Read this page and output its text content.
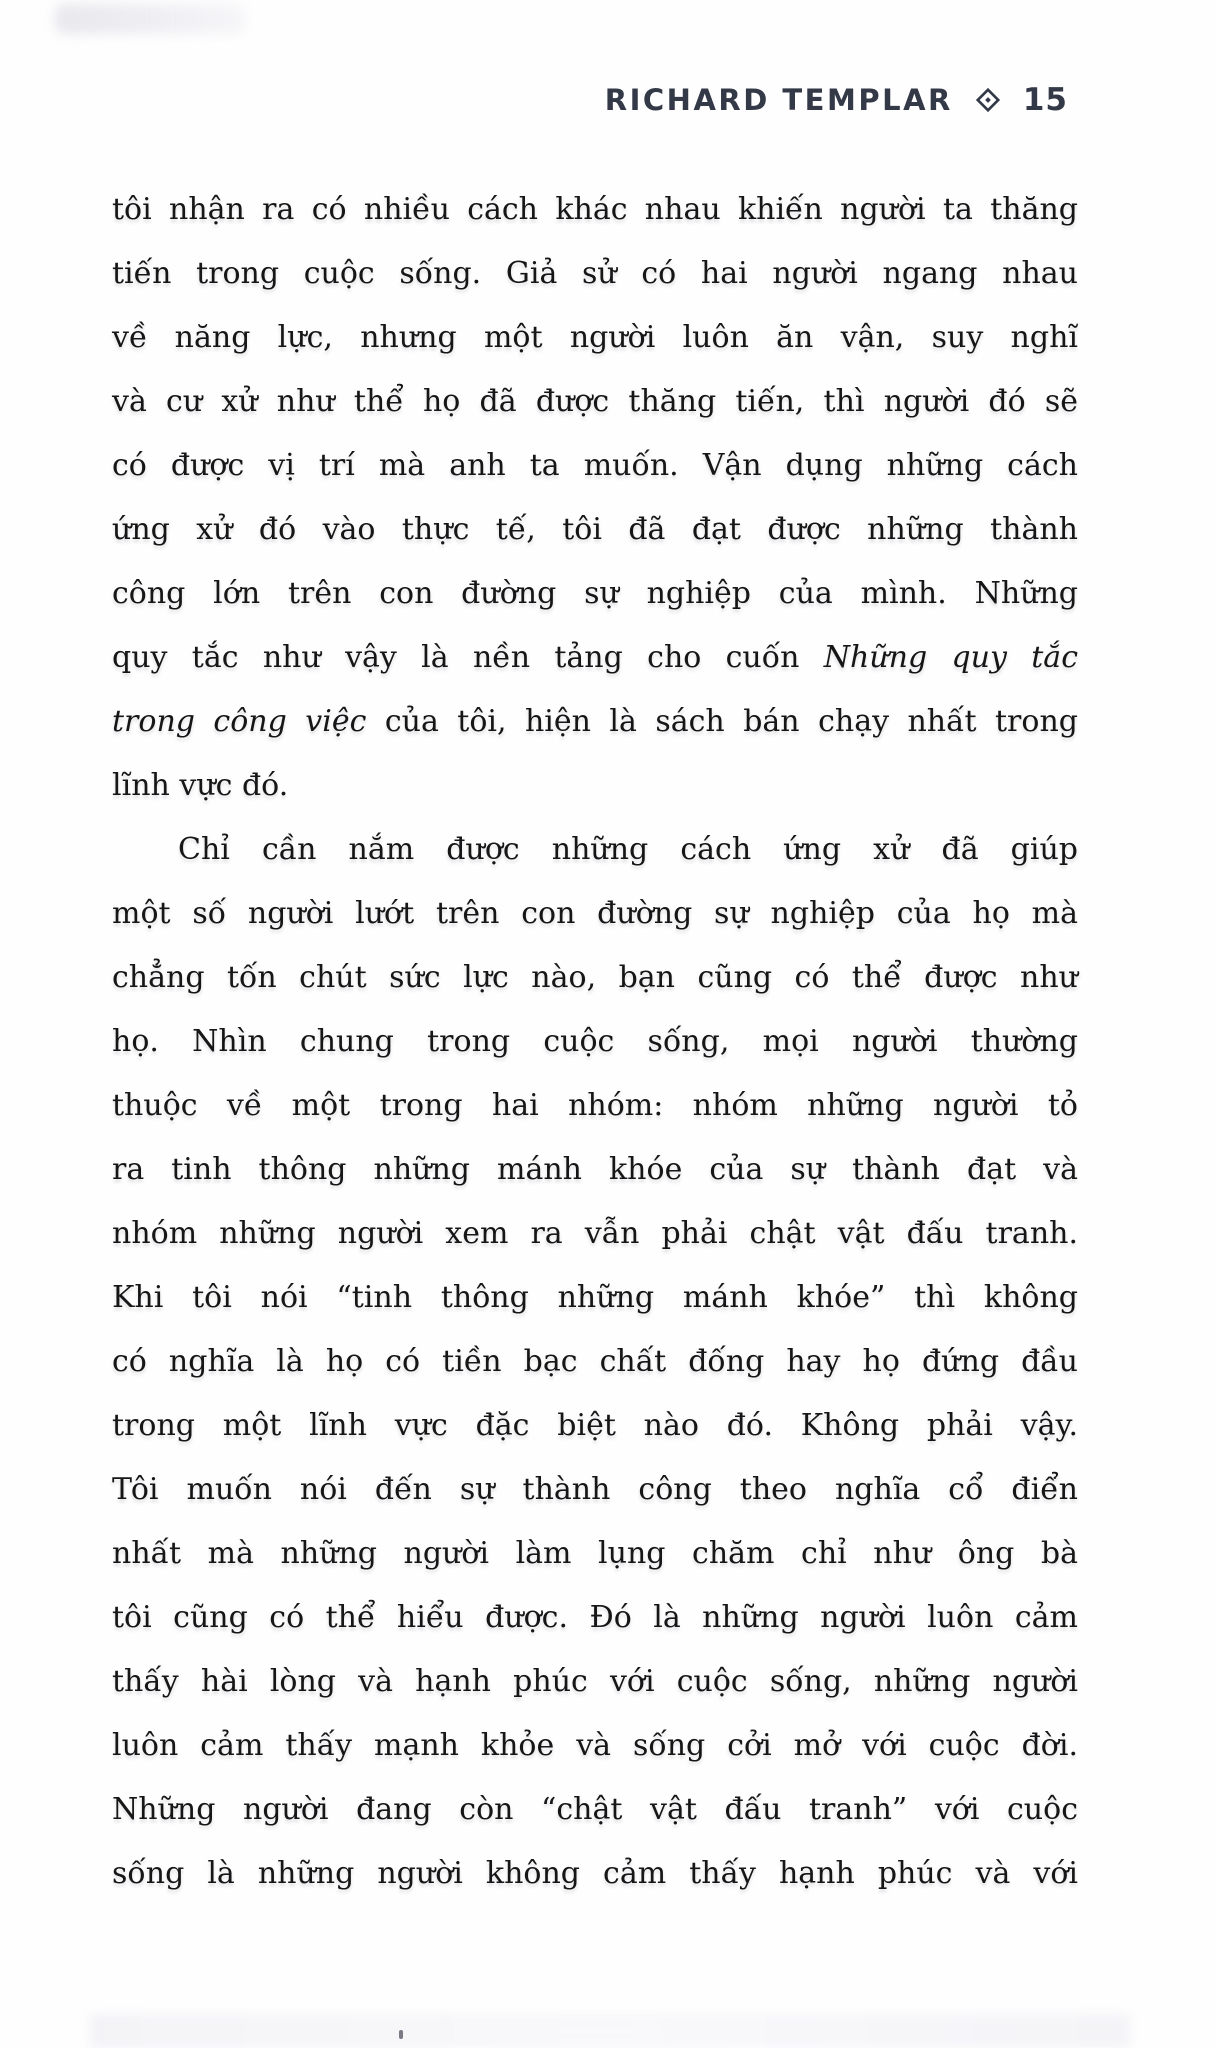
RICHARD TEMPLAR 15
tôi nhận ra có nhiều cách khác nhau khiến người ta thăng
tiến trong cuộc sống. Giả sử có hai người ngang nhau
về năng lực, nhưng một người luôn ăn vận, suy nghĩ
và cư xử như thể họ đã được thăng tiến, thì người đó sẽ
có được vị trí mà anh ta muốn. Vận dụng những cách
ứng xử đó vào thực tế, tôi đã đạt được những thành
công lớn trên con đường sự nghiệp của mình. Những
quy tắc như vậy là nền tảng cho cuốn Những quy tắc
trong công việc của tôi, hiện là sách bán chạy nhất trong
lĩnh vực đó.
Chỉ cần nắm được những cách ứng xử đã giúp
một số người lướt trên con đường sự nghiệp của họ mà
chẳng tốn chút sức lực nào, bạn cũng có thể được như
họ. Nhìn chung trong cuộc sống, mọi người thường
thuộc về một trong hai nhóm: nhóm những người tỏ
ra tinh thông những mánh khóe của sự thành đạt và
nhóm những người xem ra vẫn phải chật vật đấu tranh.
Khi tôi nói “tinh thông những mánh khóe” thì không
có nghĩa là họ có tiền bạc chất đống hay họ đứng đầu
trong một lĩnh vực đặc biệt nào đó. Không phải vậy.
Tôi muốn nói đến sự thành công theo nghĩa cổ điển
nhất mà những người làm lụng chăm chỉ như ông bà
tôi cũng có thể hiểu được. Đó là những người luôn cảm
thấy hài lòng và hạnh phúc với cuộc sống, những người
luôn cảm thấy mạnh khỏe và sống cởi mở với cuộc đời.
Những người đang còn “chật vật đấu tranh” với cuộc
sống là những người không cảm thấy hạnh phúc và với
